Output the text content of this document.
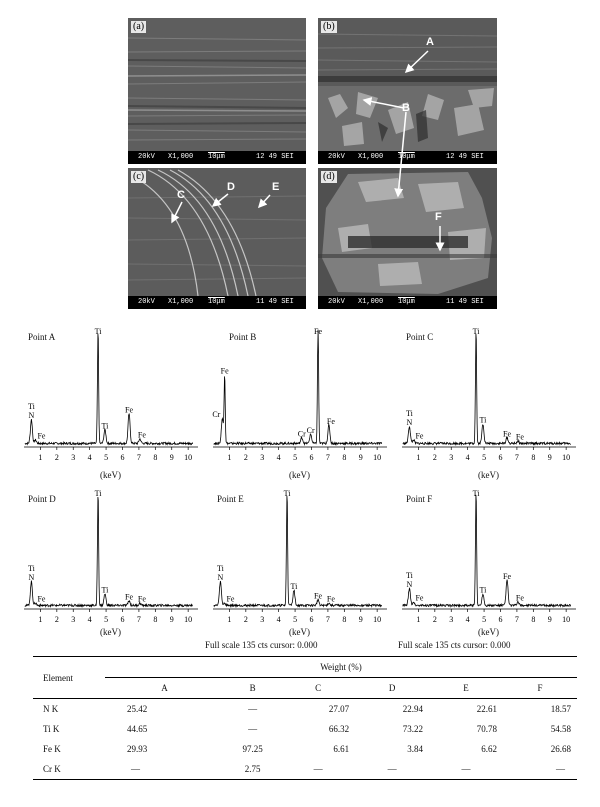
(a)
20kV X1,000 10μm	12 49 SEI
(b)
A
B
20kV X1,000 10μm	12 49 SEI
(c)
C
D	E
20kV X1,000 10μm	11 49 SEI
(d)
F
20kV X1,000 10μm	11 49 SEI
Point A
1 2 3 4 5 6 7 8 9 10
Ti
N
Fe
Ti
Ti
Fe
Fe
(keV)
Point B
1 2 3 4 5 6 7 8 9 10
Cr
Fe
Cr Cr
Fe
Fe
(keV)
Point C
1 2 3 4 5 6 7 8 9 10
Ti
N
Fe
Ti
Ti
Fe Fe
(keV)
Point D
1 2 3 4 5 6 7 8 9 10
Ti
N
Fe
Ti
Ti
Fe Fe
(keV)
Point E
1 2 3 4 5 6 7 8 9 10
Ti
N
Fe
Ti
Ti
Fe Fe
(keV)
Point F
1 2 3 4 5 6 7 8 9 10
Ti
N
Fe
Ti
Ti
Fe
Fe
(keV)
Full scale 135 cts cursor: 0.000	Full scale 135 cts cursor: 0.000
Element	Weight (%)					
	A	B	C	D	E	F
N K	25.42	—	27.07	22.94	22.61	18.57
Ti K	44.65	—	66.32	73.22	70.78	54.58
Fe K	29.93	97.25	6.61	3.84	6.62	26.68
Cr K	—	2.75	—	—	—	—
